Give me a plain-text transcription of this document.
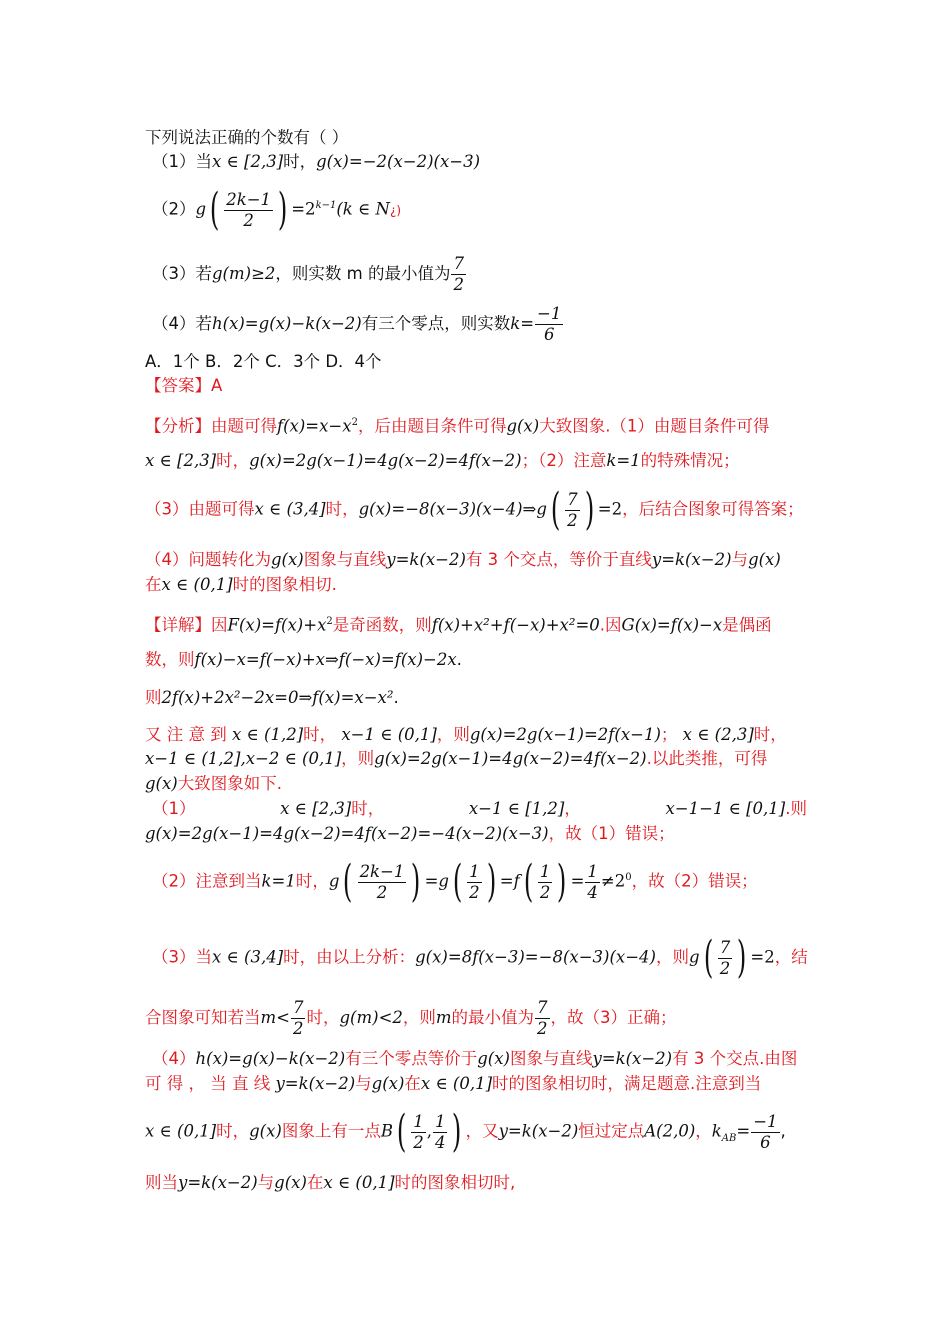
下列说法正确的个数有（ ）
（1）当x ∈ [2,3]时，g(x)=−2(x−2)(x−3)
$(2)g( \frac{2k-1}{2}$ ) $=2^{k-1}(k$ ∈ N¿)
（3）若g(m)≥2，则实数 m 的最小值为 $\frac{7}{2}$
（4）若h(x)=g(x)−k(x−2)有三个零点，则实数$k= \frac{-1}{6}$
A．1个 B．2个 C．3个 D．4个
【答案】A
【分析】由题可得$f(x)=x-x^2$，后由题目条件可得g(x)大致图象.（1）由题目条件可得
x ∈ [2,3]时，g(x)=2g(x−1)=4g(x−2)=4f(x−2)；（2）注意k=1的特殊情况；
（3）由题可得x ∈ (3,4]时，g(x)=−8(x−3)(x−4)⇒g( $\frac{7}{2}$ ) =2，后结合图象可得答案；
（4）问题转化为g(x)图象与直线y=k(x−2)有 3 个交点，等价于直线y=k(x−2)与g(x)
在x ∈ (0,1]时的图象相切.
【详解】因$F(x)=f(x)+x^2$是奇函数，则f(x)+x²+f(−x)+x²=0.因G(x)=f(x)−x是偶函
数，则f(x)−x=f(−x)+x⇒f(−x)=f(x)−2x.
则2f(x)+2x²−2x=0⇒f(x)=x−x².
又 注 意 到 x ∈ (1,2]时， x−1 ∈ (0,1]，则g(x)=2g(x−1)=2f(x−1)； x ∈ (2,3]时，
x−1 ∈ (1,2],x−2 ∈ (0,1]，则g(x)=2g(x−1)=4g(x−2)=4f(x−2).以此类推，可得
g(x)大致图象如下.
（1）	x ∈ [2,3]时，	x−1 ∈ [1,2]，	x−1−1 ∈ [0,1].则
g(x)=2g(x−1)=4g(x−2)=4f(x−2)=−4(x−2)(x−3)，故（1）错误；
（2）注意到当k=1时，$g( \frac{2k-1}{2}$ ) $=g( \frac{1}{2}$ ) $=f( \frac{1}{2}$ ) = $\frac{1}{4} \ne 2^0$，故（2）错误；
（3）当x ∈ (3,4]时，由以上分析：g(x)=8f(x−3)=−8(x−3)(x−4)，则$g( \frac{7}{2}$ ) =2，结
合图象可知若当$m< \frac{7}{2}$ 时，g(m)<2，则m的最小值为 $\frac{7}{2}$ ，故（3）正确；
（4）h(x)=g(x)−k(x−2)有三个零点等价于g(x)图象与直线y=k(x−2)有 3 个交点.由图
可 得 ， 当 直 线 y=k(x−2)与g(x)在x ∈ (0,1]时的图象相切时，满足题意.注意到当
x ∈ (0,1]时，g(x)图象上有一点$B( \frac{1}{2}$ , $\frac{1}{4}$ ) ，又y=k(x−2)恒过定点A(2,0)，$k_{AB}= \frac{-1}{6}$ ,
则当y=k(x−2)与g(x)在x ∈ (0,1]时的图象相切时,
